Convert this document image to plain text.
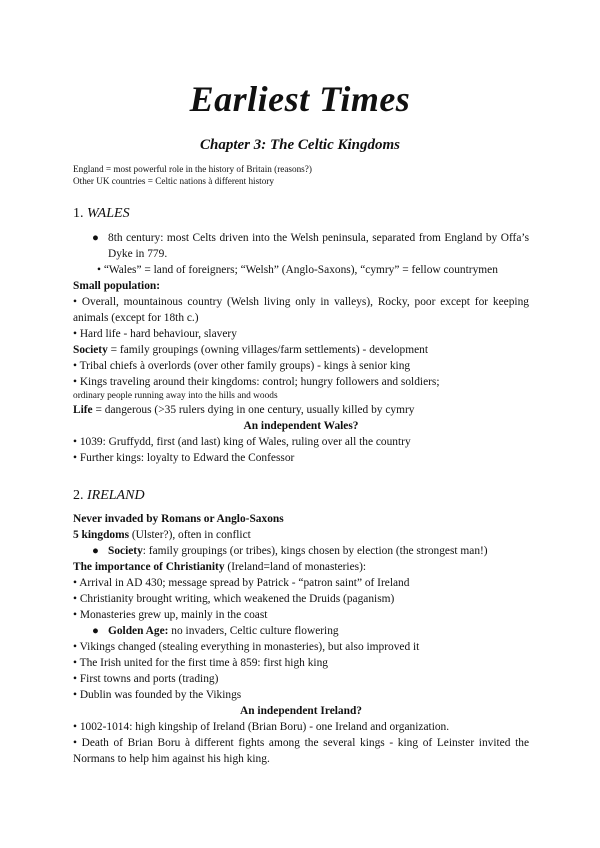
Earliest Times
Chapter 3: The Celtic Kingdoms
England = most powerful role in the history of Britain (reasons?)
Other UK countries = Celtic nations à different history
1. WALES

● 8th century: most Celts driven into the Welsh peninsula, separated from England by Offa’s Dyke in 779.

• “Wales” = land of foreigners; “Welsh” (Anglo-Saxons), “cymry” = fellow countrymen

Small population:

• Overall, mountainous country (Welsh living only in valleys), Rocky, poor except for keeping animals (except for 18th c.)

• Hard life - hard behaviour, slavery

Society = family groupings (owning villages/farm settlements) - development

• Tribal chiefs à overlords (over other family groups) - kings à senior king

• Kings traveling around their kingdoms: control; hungry followers and soldiers;

ordinary people running away into the hills and woods

Life = dangerous (>35 rulers dying in one century, usually killed by cymry

An independent Wales?

• 1039: Gruffydd, first (and last) king of Wales, ruling over all the country

• Further kings: loyalty to Edward the Confessor

2. IRELAND

Never invaded by Romans or Anglo-Saxons

5 kingdoms (Ulster?), often in conflict

● Society: family groupings (or tribes), kings chosen by election (the strongest man!)

The importance of Christianity (Ireland=land of monasteries):

• Arrival in AD 430; message spread by Patrick - “patron saint” of Ireland

• Christianity brought writing, which weakened the Druids (paganism)

• Monasteries grew up, mainly in the coast

● Golden Age: no invaders, Celtic culture flowering

• Vikings changed (stealing everything in monasteries), but also improved it

• The Irish united for the first time à 859: first high king

• First towns and ports (trading)

• Dublin was founded by the Vikings

An independent Ireland?

• 1002-1014: high kingship of Ireland (Brian Boru) - one Ireland and organization.

• Death of Brian Boru à different fights among the several kings - king of Leinster invited the Normans to help him against his high king.
